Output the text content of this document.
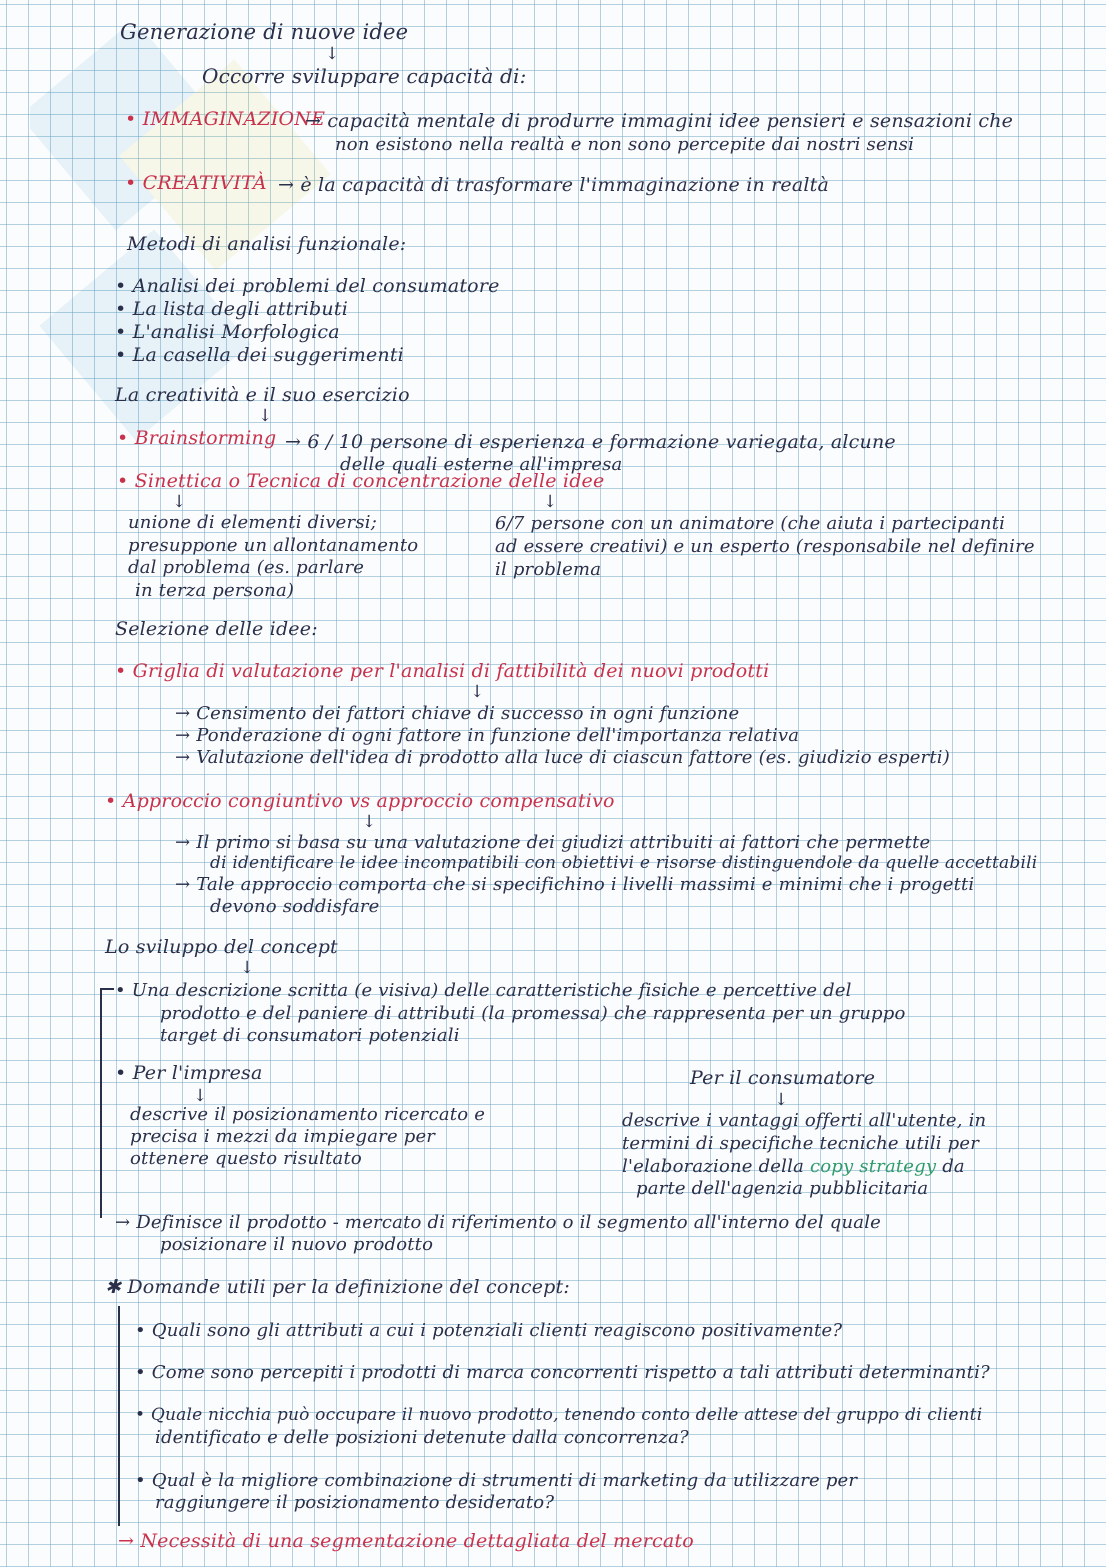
Generazione di nuove idee
↓
Occorre sviluppare capacità di:
• IMMAGINAZIONE
→ capacità mentale di produrre immagini idee pensieri e sensazioni che
non esistono nella realtà e non sono percepite dai nostri sensi
• CREATIVITÀ → è la capacità di trasformare l'immaginazione in realtà
Metodi di analisi funzionale:
• Analisi dei problemi del consumatore
• La lista degli attributi
• L'analisi Morfologica
• La casella dei suggerimenti
La creatività e il suo esercizio
↓
• Brainstorming → 6 / 10 persone di esperienza e formazione variegata, alcune
delle quali esterne all'impresa
• Sinettica o Tecnica di concentrazione delle idee
↓	↓
unione di elementi diversi;
presuppone un allontanamento
dal problema (es. parlare
in terza persona)
6/7 persone con un animatore (che aiuta i partecipanti
ad essere creativi) e un esperto (responsabile nel definire
il problema
Selezione delle idee:
• Griglia di valutazione per l'analisi di fattibilità dei nuovi prodotti
↓
→ Censimento dei fattori chiave di successo in ogni funzione
→ Ponderazione di ogni fattore in funzione dell'importanza relativa
→ Valutazione dell'idea di prodotto alla luce di ciascun fattore (es. giudizio esperti)
• Approccio congiuntivo vs approccio compensativo
↓
→ Il primo si basa su una valutazione dei giudizi attribuiti ai fattori che permette
di identificare le idee incompatibili con obiettivi e risorse distinguendole da quelle accettabili
→ Tale approccio comporta che si specifichino i livelli massimi e minimi che i progetti
devono soddisfare
Lo sviluppo del concept
↓
• Una descrizione scritta (e visiva) delle caratteristiche fisiche e percettive del
prodotto e del paniere di attributi (la promessa) che rappresenta per un gruppo
target di consumatori potenziali
• Per l'impresa	Per il consumatore
↓	↓
descrive il posizionamento ricercato e
precisa i mezzi da impiegare per
ottenere questo risultato
descrive i vantaggi offerti all'utente, in
termini di specifiche tecniche utili per
l'elaborazione della copy strategy da
parte dell'agenzia pubblicitaria
→ Definisce il prodotto - mercato di riferimento o il segmento all'interno del quale
posizionare il nuovo prodotto
✱ Domande utili per la definizione del concept:
• Quali sono gli attributi a cui i potenziali clienti reagiscono positivamente?
• Come sono percepiti i prodotti di marca concorrenti rispetto a tali attributi determinanti?
• Quale nicchia può occupare il nuovo prodotto, tenendo conto delle attese del gruppo di clienti
identificato e delle posizioni detenute dalla concorrenza?
• Qual è la migliore combinazione di strumenti di marketing da utilizzare per
raggiungere il posizionamento desiderato?
→ Necessità di una segmentazione dettagliata del mercato
